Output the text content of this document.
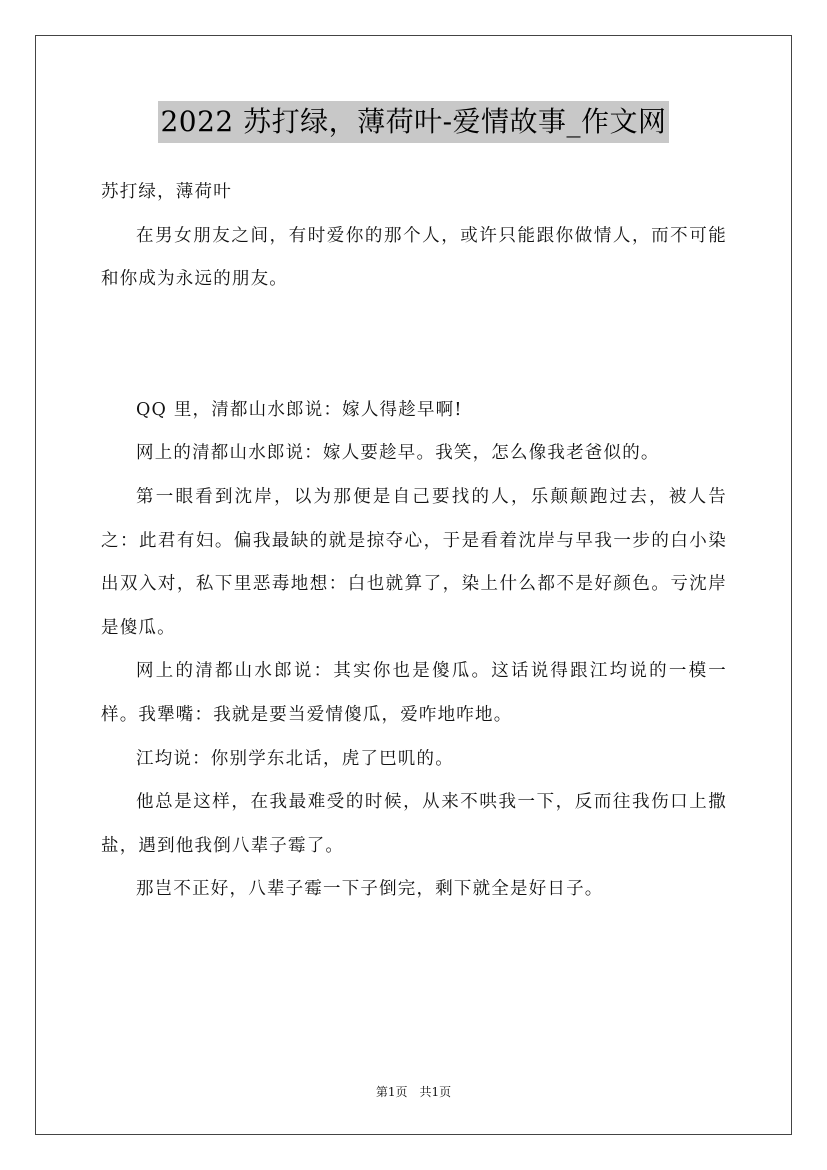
2022 苏打绿，薄荷叶-爱情故事_作文网

苏打绿，薄荷叶

在男女朋友之间，有时爱你的那个人，或许只能跟你做情人，而不可能和你成为永远的朋友。

QQ 里，清都山水郎说：嫁人得趁早啊!

网上的清都山水郎说：嫁人要趁早。我笑，怎么像我老爸似的。

第一眼看到沈岸，以为那便是自己要找的人，乐颠颠跑过去，被人告之：此君有妇。偏我最缺的就是掠夺心，于是看着沈岸与早我一步的白小染出双入对，私下里恶毒地想：白也就算了，染上什么都不是好颜色。亏沈岸是傻瓜。

网上的清都山水郎说：其实你也是傻瓜。这话说得跟江均说的一模一样。我犟嘴：我就是要当爱情傻瓜，爱咋地咋地。

江均说：你别学东北话，虎了巴叽的。

他总是这样，在我最难受的时候，从来不哄我一下，反而往我伤口上撒盐，遇到他我倒八辈子霉了。

那岂不正好，八辈子霉一下子倒完，剩下就全是好日子。

第1页 共1页
